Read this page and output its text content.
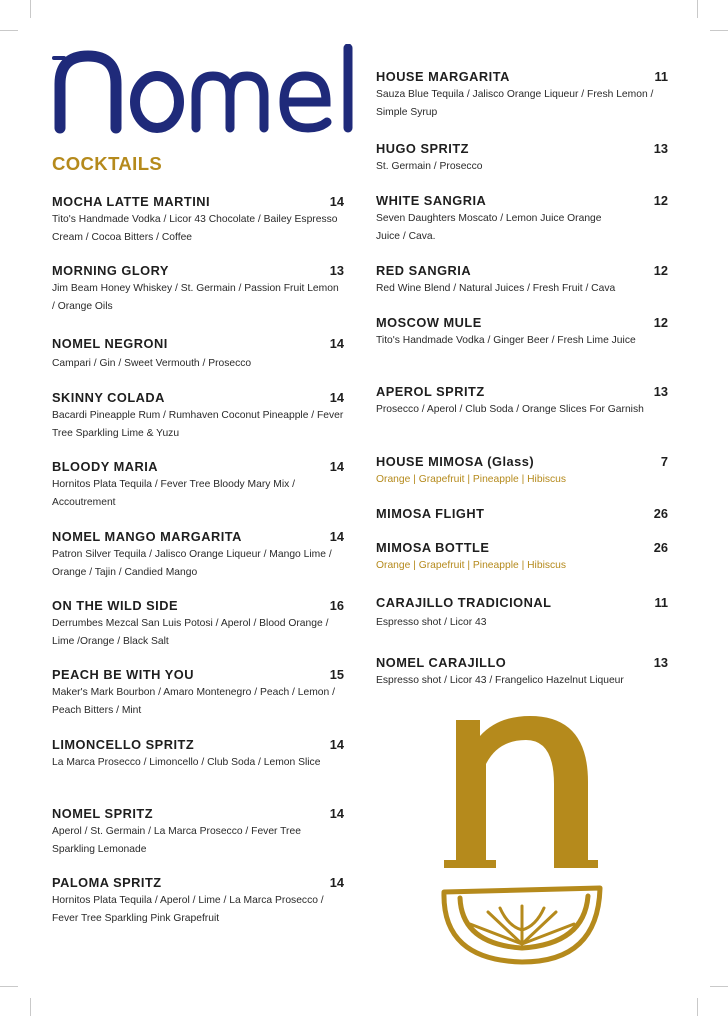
COCKTAILS
MOCHA LATTE MARTINI	14
Tito's Handmade Vodka / Licor 43 Chocolate / Bailey Espresso Cream / Cocoa Bitters / Coffee
MORNING GLORY	13
Jim Beam Honey Whiskey / St. Germain / Passion Fruit Lemon / Orange Oils
NOMEL NEGRONI	14
Campari / Gin / Sweet Vermouth / Prosecco
SKINNY COLADA	14
Bacardi Pineapple Rum / Rumhaven Coconut Pineapple / Fever Tree Sparkling Lime & Yuzu
BLOODY MARIA	14
Hornitos Plata Tequila / Fever Tree Bloody Mary Mix / Accoutrement
NOMEL MANGO MARGARITA	14
Patron Silver Tequila / Jalisco Orange Liqueur / Mango Lime / Orange / Tajin / Candied Mango
ON THE WILD SIDE	16
Derrumbes Mezcal San Luis Potosi / Aperol / Blood Orange / Lime /Orange / Black Salt
PEACH BE WITH YOU	15
Maker's Mark Bourbon / Amaro Montenegro / Peach / Lemon / Peach Bitters / Mint
LIMONCELLO SPRITZ	14
La Marca Prosecco / Limoncello / Club Soda / Lemon Slice
NOMEL SPRITZ	14
Aperol / St. Germain / La Marca Prosecco / Fever Tree Sparkling Lemonade
PALOMA SPRITZ	14
Hornitos Plata Tequila / Aperol / Lime / La Marca Prosecco / Fever Tree Sparkling Pink Grapefruit
HOUSE MARGARITA	11
Sauza Blue Tequila / Jalisco Orange Liqueur / Fresh Lemon / Simple Syrup
HUGO SPRITZ	13
St. Germain / Prosecco
WHITE SANGRIA	12
Seven Daughters Moscato / Lemon Juice Orange Juice / Cava.
RED SANGRIA	12
Red Wine Blend / Natural Juices / Fresh Fruit / Cava
MOSCOW MULE	12
Tito's Handmade Vodka / Ginger Beer / Fresh Lime Juice
APEROL SPRITZ	13
Prosecco / Aperol / Club Soda / Orange Slices For Garnish
HOUSE MIMOSA (Glass)	7
Orange | Grapefruit | Pineapple | Hibiscus
MIMOSA FLIGHT	26
MIMOSA BOTTLE	26
Orange | Grapefruit | Pineapple | Hibiscus
CARAJILLO TRADICIONAL	11
Espresso shot / Licor 43
NOMEL CARAJILLO	13
Espresso shot / Licor 43 / Frangelico Hazelnut Liqueur
